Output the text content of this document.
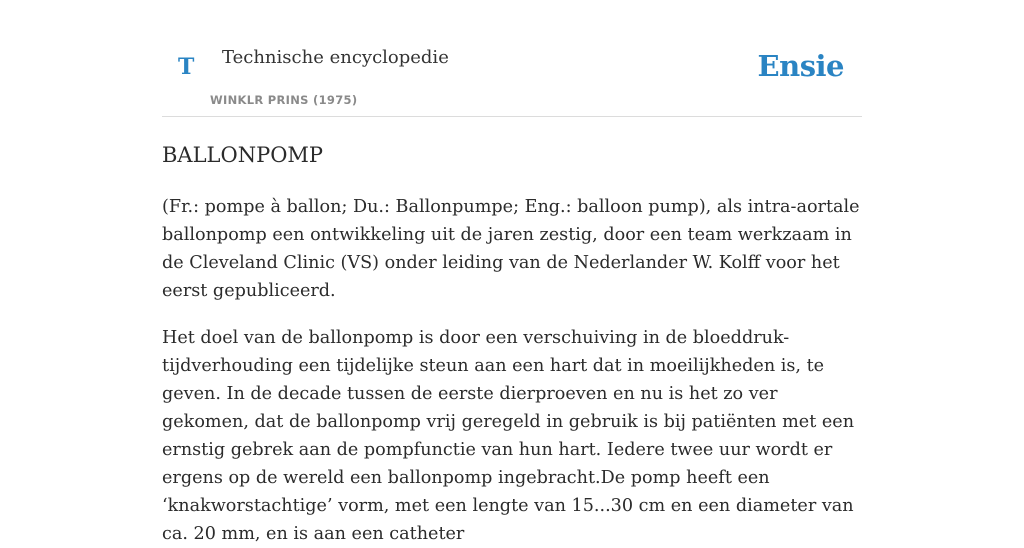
T Technische encyclopedie
WINKLR PRINS (1975)
Ensie
BALLONPOMP

(Fr.: pompe à ballon; Du.: Ballonpumpe; Eng.: balloon pump), als intra-aortale ballonpomp een ontwikkeling uit de jaren zestig, door een team werkzaam in de Cleveland Clinic (VS) onder leiding van de Nederlander W. Kolff voor het eerst gepubliceerd.

Het doel van de ballonpomp is door een verschuiving in de bloeddruk-tijdverhouding een tijdelijke steun aan een hart dat in moeilijkheden is, te geven. In de decade tussen de eerste dierproeven en nu is het zo ver gekomen, dat de ballonpomp vrij geregeld in gebruik is bij patiënten met een ernstig gebrek aan de pompfunctie van hun hart. Iedere twee uur wordt er ergens op de wereld een ballonpomp ingebracht.De pomp heeft een ‘knakworstachtige’ vorm, met een lengte van 15...30 cm en een diameter van ca. 20 mm, en is aan een catheter
